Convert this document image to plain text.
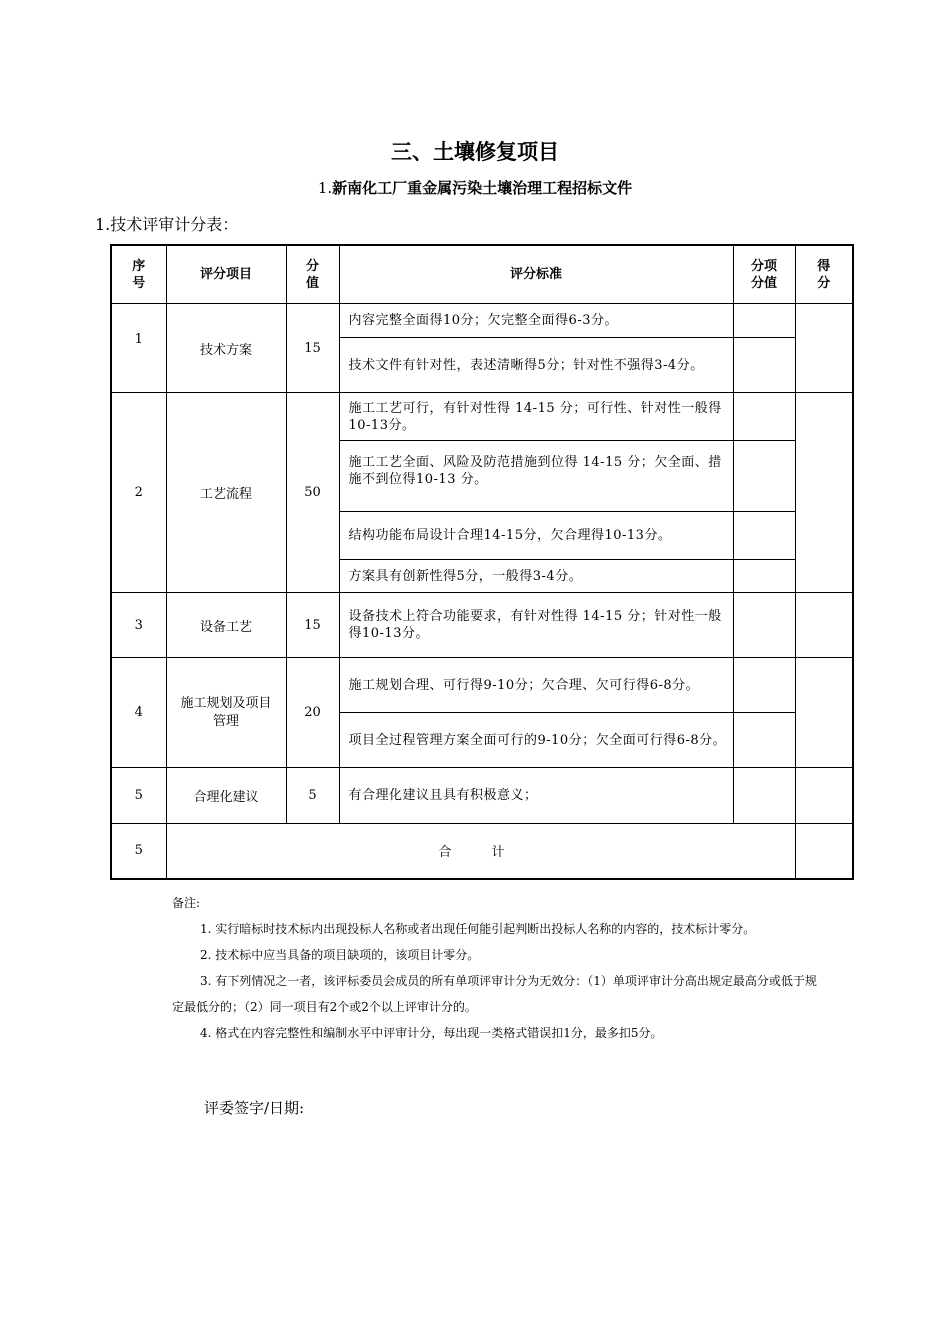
三、土壤修复项目
1.新南化工厂重金属污染土壤治理工程招标文件
1.技术评审计分表：
序号	评分项目	分值	评分标准	分项分值	得分
1	技术方案	15	内容完整全面得10分；欠完整全面得6-3分。		
			技术文件有针对性，表述清晰得5分；针对性不强得3-4分。		
2	工艺流程	50	施工工艺可行，有针对性得 14-15 分；可行性、针对性一般得10-13分。		
			施工工艺全面、风险及防范措施到位得 14-15 分；欠全面、措施不到位得10-13 分。		
			结构功能布局设计合理14-15分，欠合理得10-13分。		
			方案具有创新性得5分，一般得3-4分。		
3	设备工艺	15	设备技术上符合功能要求，有针对性得 14-15 分；针对性一般得10-13分。		
4	施工规划及项目管理	20	施工规划合理、可行得9-10分；欠合理、欠可行得6-8分。		
			项目全过程管理方案全面可行的9-10分；欠全面可行得6-8分。		
5	合理化建议	5	有合理化建议且具有积极意义；		
5	合 计				

备注:

1. 实行暗标时技术标内出现投标人名称或者出现任何能引起判断出投标人名称的内容的，技术标计零分。

2. 技术标中应当具备的项目缺项的，该项目计零分。

3. 有下列情况之一者，该评标委员会成员的所有单项评审计分为无效分：（1）单项评审计分高出规定最高分或低于规定最低分的；（2）同一项目有2个或2个以上评审计分的。

4. 格式在内容完整性和编制水平中评审计分，每出现一类格式错误扣1分，最多扣5分。

评委签字/日期:
